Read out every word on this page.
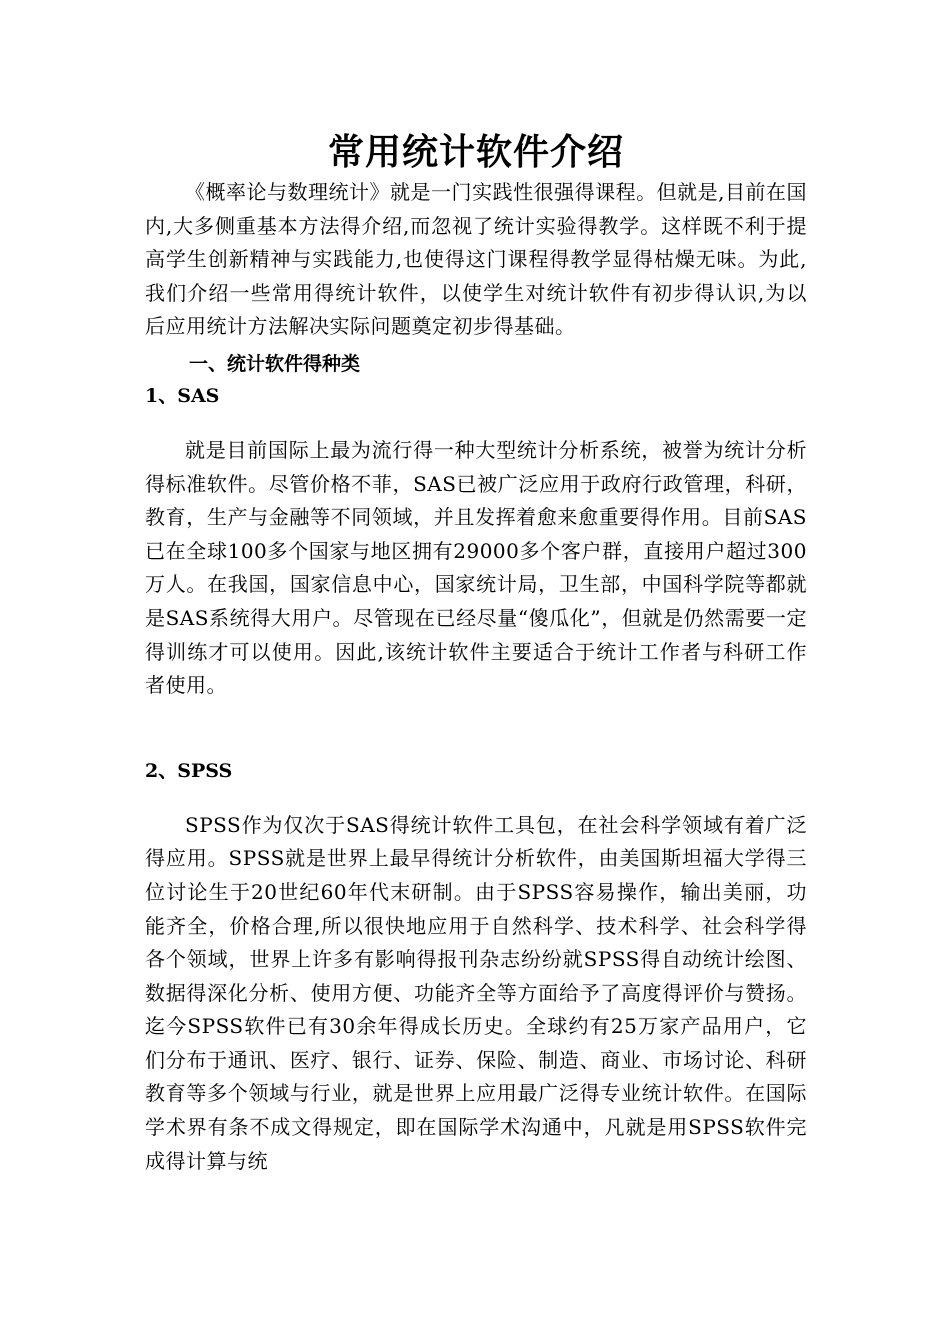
常用统计软件介绍

《概率论与数理统计》就是一门实践性很强得课程。但就是,目前在国内,大多侧重基本方法得介绍,而忽视了统计实验得教学。这样既不利于提高学生创新精神与实践能力,也使得这门课程得教学显得枯燥无味。为此,我们介绍一些常用得统计软件，以使学生对统计软件有初步得认识,为以后应用统计方法解决实际问题奠定初步得基础。

一、统计软件得种类
1、SAS

就是目前国际上最为流行得一种大型统计分析系统，被誉为统计分析得标准软件。尽管价格不菲，SAS已被广泛应用于政府行政管理，科研，教育，生产与金融等不同领域，并且发挥着愈来愈重要得作用。目前SAS已在全球100多个国家与地区拥有29000多个客户群，直接用户超过300万人。在我国，国家信息中心，国家统计局，卫生部，中国科学院等都就是SAS系统得大用户。尽管现在已经尽量“傻瓜化”，但就是仍然需要一定得训练才可以使用。因此,该统计软件主要适合于统计工作者与科研工作者使用。

2、SPSS

SPSS作为仅次于SAS得统计软件工具包，在社会科学领域有着广泛得应用。SPSS就是世界上最早得统计分析软件，由美国斯坦福大学得三位讨论生于20世纪60年代末研制。由于SPSS容易操作，输出美丽，功能齐全，价格合理,所以很快地应用于自然科学、技术科学、社会科学得各个领域，世界上许多有影响得报刊杂志纷纷就SPSS得自动统计绘图、数据得深化分析、使用方便、功能齐全等方面给予了高度得评价与赞扬。迄今SPSS软件已有30余年得成长历史。全球约有25万家产品用户，它们分布于通讯、医疗、银行、证券、保险、制造、商业、市场讨论、科研教育等多个领域与行业，就是世界上应用最广泛得专业统计软件。在国际学术界有条不成文得规定，即在国际学术沟通中，凡就是用SPSS软件完成得计算与统
